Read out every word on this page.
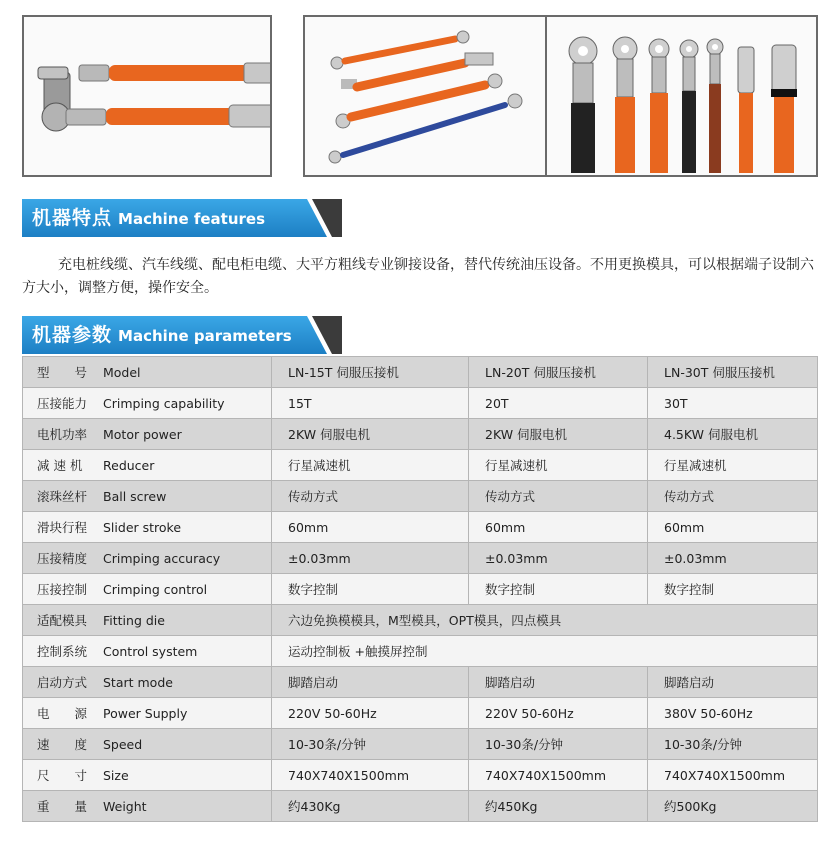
机器特点 Machine features

充电桩线缆、汽车线缆、配电柜电缆、大平方粗线专业铆接设备，替代传统油压设备。不用更换模具，可以根据端子设制六方大小，调整方便，操作安全。

机器参数 Machine parameters
型　　号 Model	LN-15T 伺服压接机	LN-20T 伺服压接机	LN-30T 伺服压接机
压接能力 Crimping capability	15T	20T	30T
电机功率 Motor power	2KW 伺服电机	2KW 伺服电机	4.5KW 伺服电机
减 速 机 Reducer	行星减速机	行星减速机	行星减速机
滚珠丝杆 Ball screw	传动方式	传动方式	传动方式
滑块行程 Slider stroke	60mm	60mm	60mm
压接精度 Crimping accuracy	±0.03mm	±0.03mm	±0.03mm
压接控制 Crimping control	数字控制	数字控制	数字控制
适配模具 Fitting die	六边免换模模具，M型模具，OPT模具，四点模具		
控制系统 Control system	运动控制板 +触摸屏控制		
启动方式 Start mode	脚踏启动	脚踏启动	脚踏启动
电　　源 Power Supply	220V 50-60Hz	220V 50-60Hz	380V 50-60Hz
速　　度 Speed	10-30条/分钟	10-30条/分钟	10-30条/分钟
尺　　寸 Size	740X740X1500mm	740X740X1500mm	740X740X1500mm
重　　量 Weight	约430Kg	约450Kg	约500Kg
